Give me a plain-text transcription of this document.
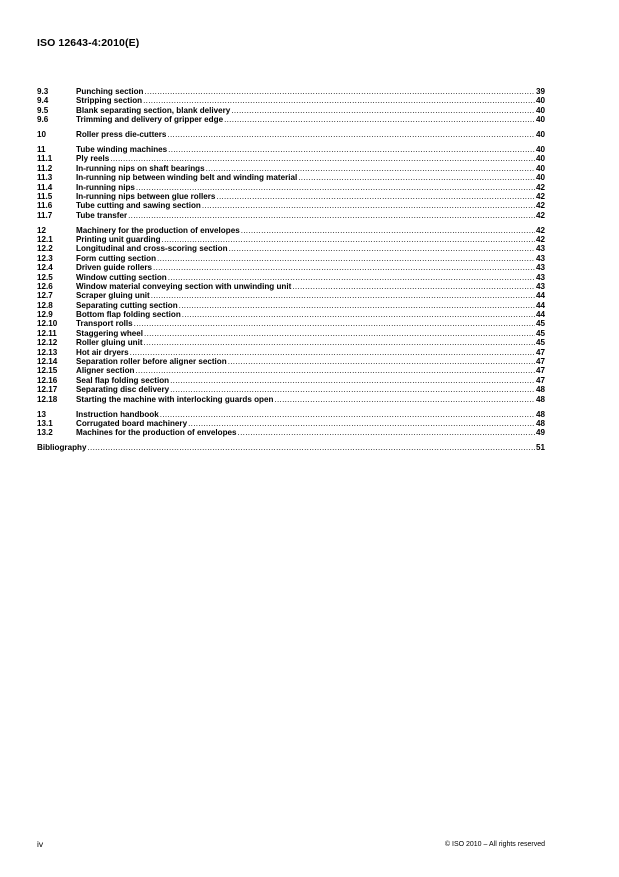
ISO 12643-4:2010(E)
9.3	Punching section .....	39
9.4	Stripping section .....	40
9.5	Blank separating section, blank delivery .....	40
9.6	Trimming and delivery of gripper edge .....	40
10	Roller press die-cutters .....	40
11	Tube winding machines .....	40
11.1	Ply reels .....	40
11.2	In-running nips on shaft bearings .....	40
11.3	In-running nip between winding belt and winding material .....	40
11.4	In-running nips .....	42
11.5	In-running nips between glue rollers .....	42
11.6	Tube cutting and sawing section .....	42
11.7	Tube transfer .....	42
12	Machinery for the production of envelopes .....	42
12.1	Printing unit guarding .....	42
12.2	Longitudinal and cross-scoring section .....	43
12.3	Form cutting section .....	43
12.4	Driven guide rollers .....	43
12.5	Window cutting section .....	43
12.6	Window material conveying section with unwinding unit .....	43
12.7	Scraper gluing unit .....	44
12.8	Separating cutting section .....	44
12.9	Bottom flap folding section .....	44
12.10	Transport rolls .....	45
12.11	Staggering wheel .....	45
12.12	Roller gluing unit .....	45
12.13	Hot air dryers .....	47
12.14	Separation roller before aligner section .....	47
12.15	Aligner section .....	47
12.16	Seal flap folding section .....	47
12.17	Separating disc delivery .....	48
12.18	Starting the machine with interlocking guards open .....	48
13	Instruction handbook .....	48
13.1	Corrugated board machinery .....	48
13.2	Machines for the production of envelopes .....	49
Bibliography .....	51
iv	© ISO 2010 – All rights reserved
